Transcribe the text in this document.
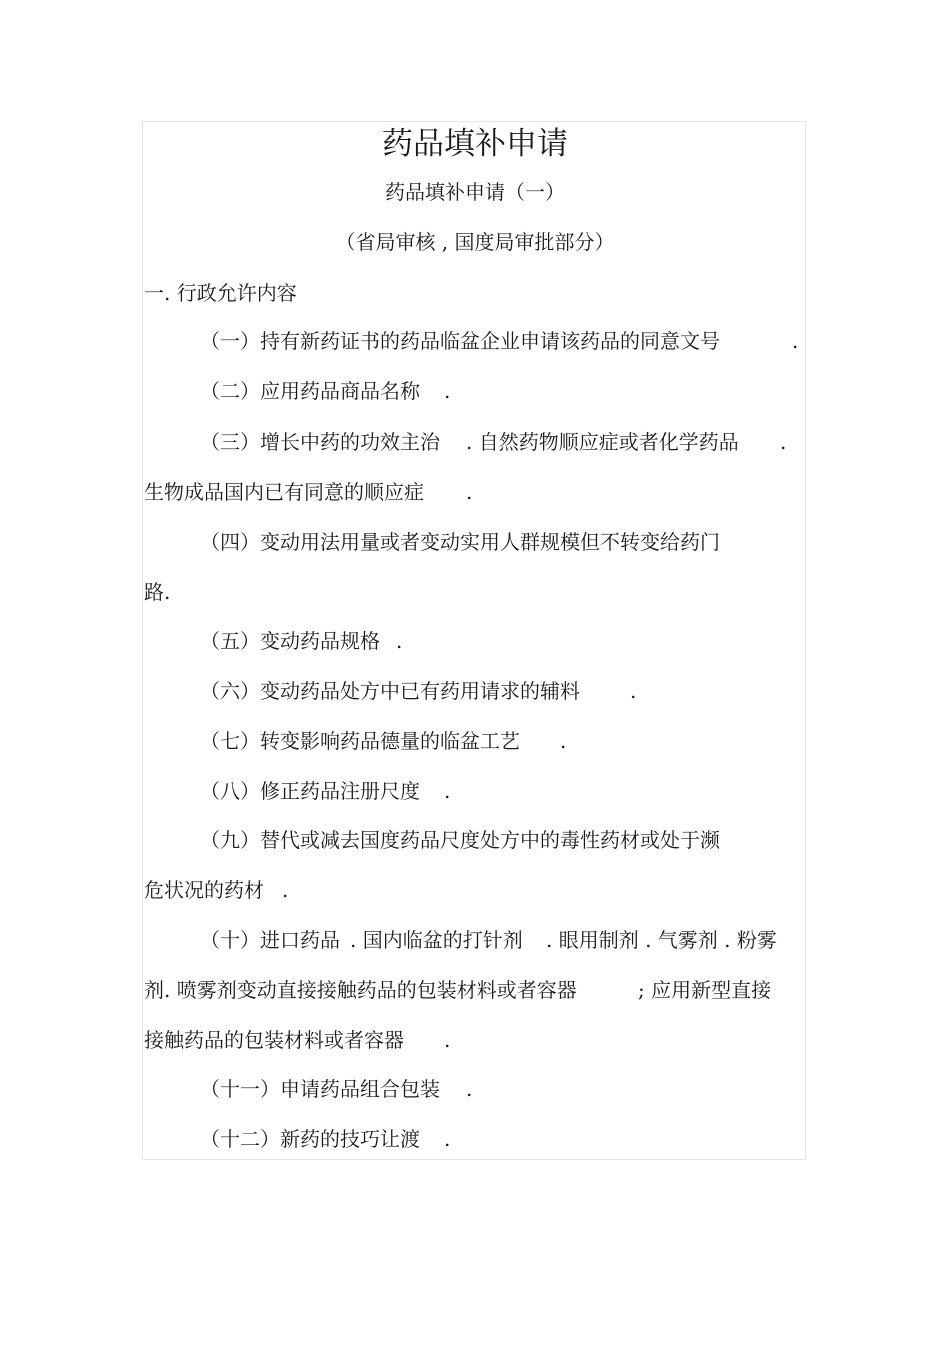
药品填补申请
药品填补申请（一）
（省局审核 , 国度局审批部分）
一. 行政允许内容
（一）持有新药证书的药品临盆企业申请该药品的同意文号	.
（二）应用药品商品名称 .
（三）增长中药的功效主治 . 自然药物顺应症或者化学药品 .
生物成品国内已有同意的顺应症 .
（四）变动用法用量或者变动实用人群规模但不转变给药门
路.
（五）变动药品规格 .
（六）变动药品处方中已有药用请求的辅料	.
（七）转变影响药品德量的临盆工艺 .
（八）修正药品注册尺度 .
（九）替代或减去国度药品尺度处方中的毒性药材或处于濒
危状况的药材 .
（十）进口药品 . 国内临盆的打针剂 . 眼用制剂 . 气雾剂 . 粉雾
剂. 喷雾剂变动直接接触药品的包装材料或者容器	; 应用新型直接
接触药品的包装材料或者容器 .
（十一）申请药品组合包装 .
（十二）新药的技巧让渡 .
